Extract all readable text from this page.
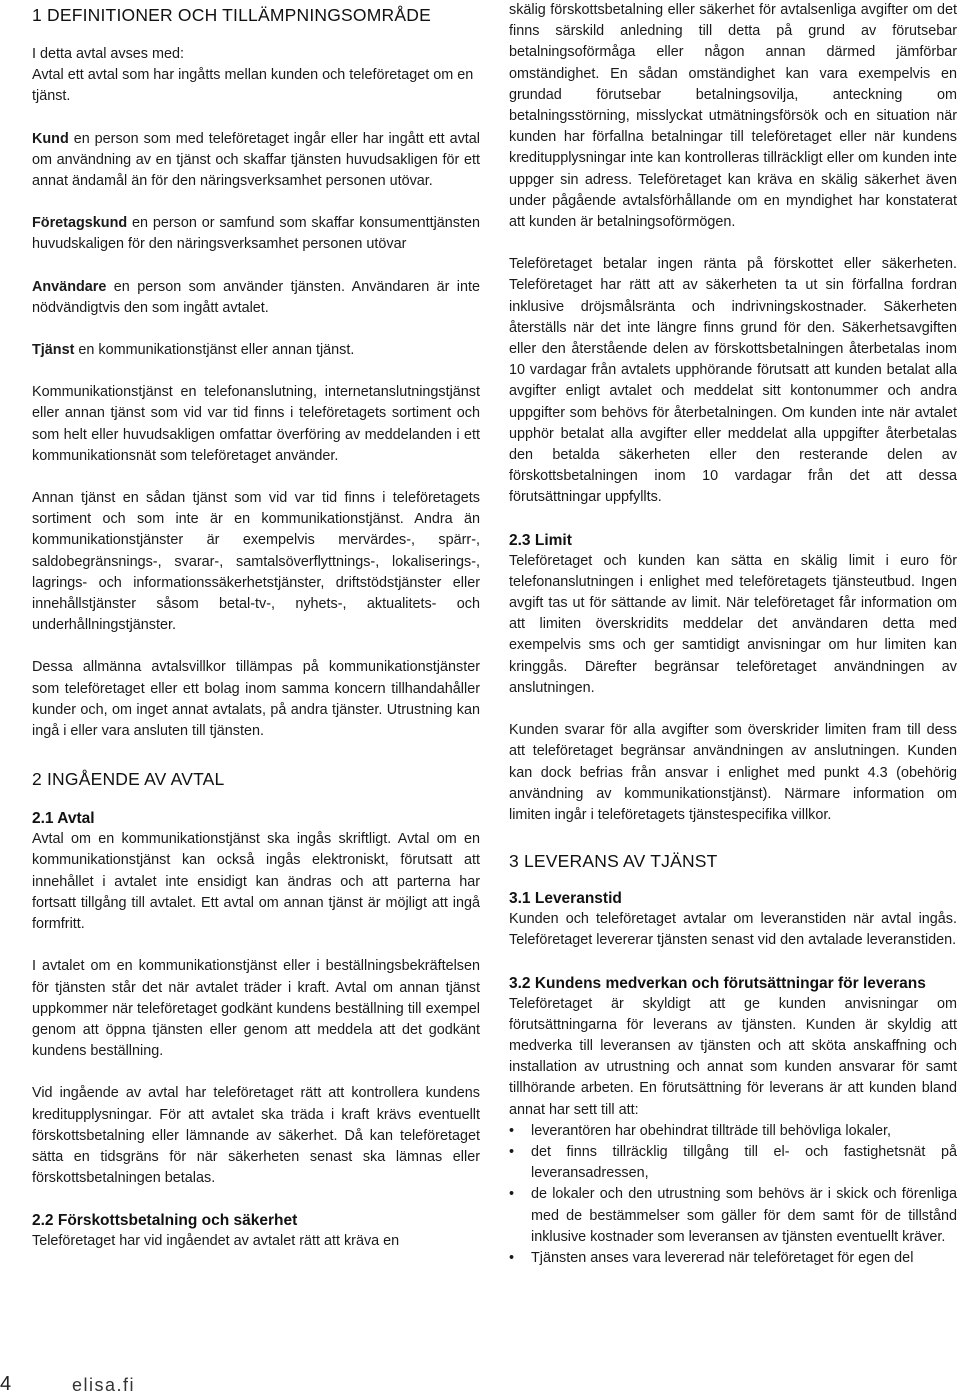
1 DEFINITIONER OCH TILLÄMPNINGSOMRÅDE

I detta avtal avses med:

Avtal ett avtal som har ingåtts mellan kunden och teleföretaget om en tjänst.

Kund en person som med teleföretaget ingår eller har ingått ett avtal om användning av en tjänst och skaffar tjänsten huvudsakligen för ett annat ändamål än för den näringsverksamhet personen utövar.

Företagskund en person or samfund som skaffar konsumenttjänsten huvudskaligen för den näringsverksamhet personen utövar

Användare en person som använder tjänsten. Användaren är inte nödvändigtvis den som ingått avtalet.

Tjänst en kommunikationstjänst eller annan tjänst.

Kommunikationstjänst en telefonanslutning, internetanslutningstjänst eller annan tjänst som vid var tid finns i teleföretagets sortiment och som helt eller huvudsakligen omfattar överföring av meddelanden i ett kommunikationsnät som teleföretaget använder.

Annan tjänst en sådan tjänst som vid var tid finns i teleföretagets sortiment och som inte är en kommunikationstjänst. Andra än kommunikationstjänster är exempelvis mervärdes-, spärr-, saldobegränsnings-, svarar-, samtalsöverflyttnings-, lokaliserings-, lagrings- och informationssäkerhetstjänster, driftstödstjänster eller innehållstjänster såsom betal-tv-, nyhets-, aktualitets- och underhållningstjänster.

Dessa allmänna avtalsvillkor tillämpas på kommunikationstjänster som teleföretaget eller ett bolag inom samma koncern tillhandahåller kunder och, om inget annat avtalats, på andra tjänster. Utrustning kan ingå i eller vara ansluten till tjänsten.

2 INGÅENDE AV AVTAL
2.1 Avtal

Avtal om en kommunikationstjänst ska ingås skriftligt. Avtal om en kommunikationstjänst kan också ingås elektroniskt, förutsatt att innehållet i avtalet inte ensidigt kan ändras och att parterna har fortsatt tillgång till avtalet. Ett avtal om annan tjänst är möjligt att ingå formfritt.

I avtalet om en kommunikationstjänst eller i beställningsbekräftelsen för tjänsten står det när avtalet träder i kraft. Avtal om annan tjänst uppkommer när teleföretaget godkänt kundens beställning till exempel genom att öppna tjänsten eller genom att meddela att det godkänt kundens beställning.

Vid ingående av avtal har teleföretaget rätt att kontrollera kundens kreditupplysningar. För att avtalet ska träda i kraft krävs eventuellt förskottsbetalning eller lämnande av säkerhet. Då kan teleföretaget sätta en tidsgräns för när säkerheten senast ska lämnas eller förskottsbetalningen betalas.

2.2 Förskottsbetalning och säkerhet

Teleföretaget har vid ingåendet av avtalet rätt att kräva en

skälig förskottsbetalning eller säkerhet för avtalsenliga avgifter om det finns särskild anledning till detta på grund av förutsebar betalningsoförmåga eller någon annan därmed jämförbar omständighet. En sådan omständighet kan vara exempelvis en grundad förutsebar betalningsovilja, anteckning om betalningsstörning, misslyckat utmätningsförsök och en situation när kunden har förfallna betalningar till teleföretaget eller när kundens kreditupplysningar inte kan kontrolleras tillräckligt eller om kunden inte uppger sin adress. Teleföretaget kan kräva en skälig säkerhet även under pågående avtalsförhållande om en myndighet har konstaterat att kunden är betalningsoförmögen.

Teleföretaget betalar ingen ränta på förskottet eller säkerheten. Teleföretaget har rätt att av säkerheten ta ut sin förfallna fordran inklusive dröjsmålsränta och indrivningskostnader. Säkerheten återställs när det inte längre finns grund för den. Säkerhetsavgiften eller den återstående delen av förskottsbetalningen återbetalas inom 10 vardagar från avtalets upphörande förutsatt att kunden betalat alla avgifter enligt avtalet och meddelat sitt kontonummer och andra uppgifter som behövs för återbetalningen. Om kunden inte när avtalet upphör betalat alla avgifter eller meddelat alla uppgifter återbetalas den betalda säkerheten eller den resterande delen av förskottsbetalningen inom 10 vardagar från det att dessa förutsättningar uppfyllts.

2.3 Limit

Teleföretaget och kunden kan sätta en skälig limit i euro för telefonanslutningen i enlighet med teleföretagets tjänsteutbud. Ingen avgift tas ut för sättande av limit. När teleföretaget får information om att limiten överskridits meddelar det användaren detta med exempelvis sms och ger samtidigt anvisningar om hur limiten kan kringgås. Därefter begränsar teleföretaget användningen av anslutningen.

Kunden svarar för alla avgifter som överskrider limiten fram till dess att teleföretaget begränsar användningen av anslutningen. Kunden kan dock befrias från ansvar i enlighet med punkt 4.3 (obehörig användning av kommunikationstjänst). Närmare information om limiten ingår i teleföretagets tjänstespecifika villkor.

3 LEVERANS AV TJÄNST
3.1 Leveranstid

Kunden och teleföretaget avtalar om leveranstiden när avtal ingås. Teleföretaget levererar tjänsten senast vid den avtalade leveranstiden.

3.2 Kundens medverkan och förutsättningar för leverans

Teleföretaget är skyldigt att ge kunden anvisningar om förutsättningarna för leverans av tjänsten. Kunden är skyldig att medverka till leveransen av tjänsten och att sköta anskaffning och installation av utrustning och annat som kunden ansvarar för samt tillhörande arbeten. En förutsättning för leverans är att kunden bland annat har sett till att:

• leverantören har obehindrat tillträde till behövliga lokaler,
• det finns tillräcklig tillgång till el- och fastighetsnät på leveransadressen,
• de lokaler och den utrustning som behövs är i skick och förenliga med de bestämmelser som gäller för dem samt för de tillstånd inklusive kostnader som leveransen av tjänsten eventuellt kräver.
• Tjänsten anses vara levererad när teleföretaget för egen del
4	elisa.fi
